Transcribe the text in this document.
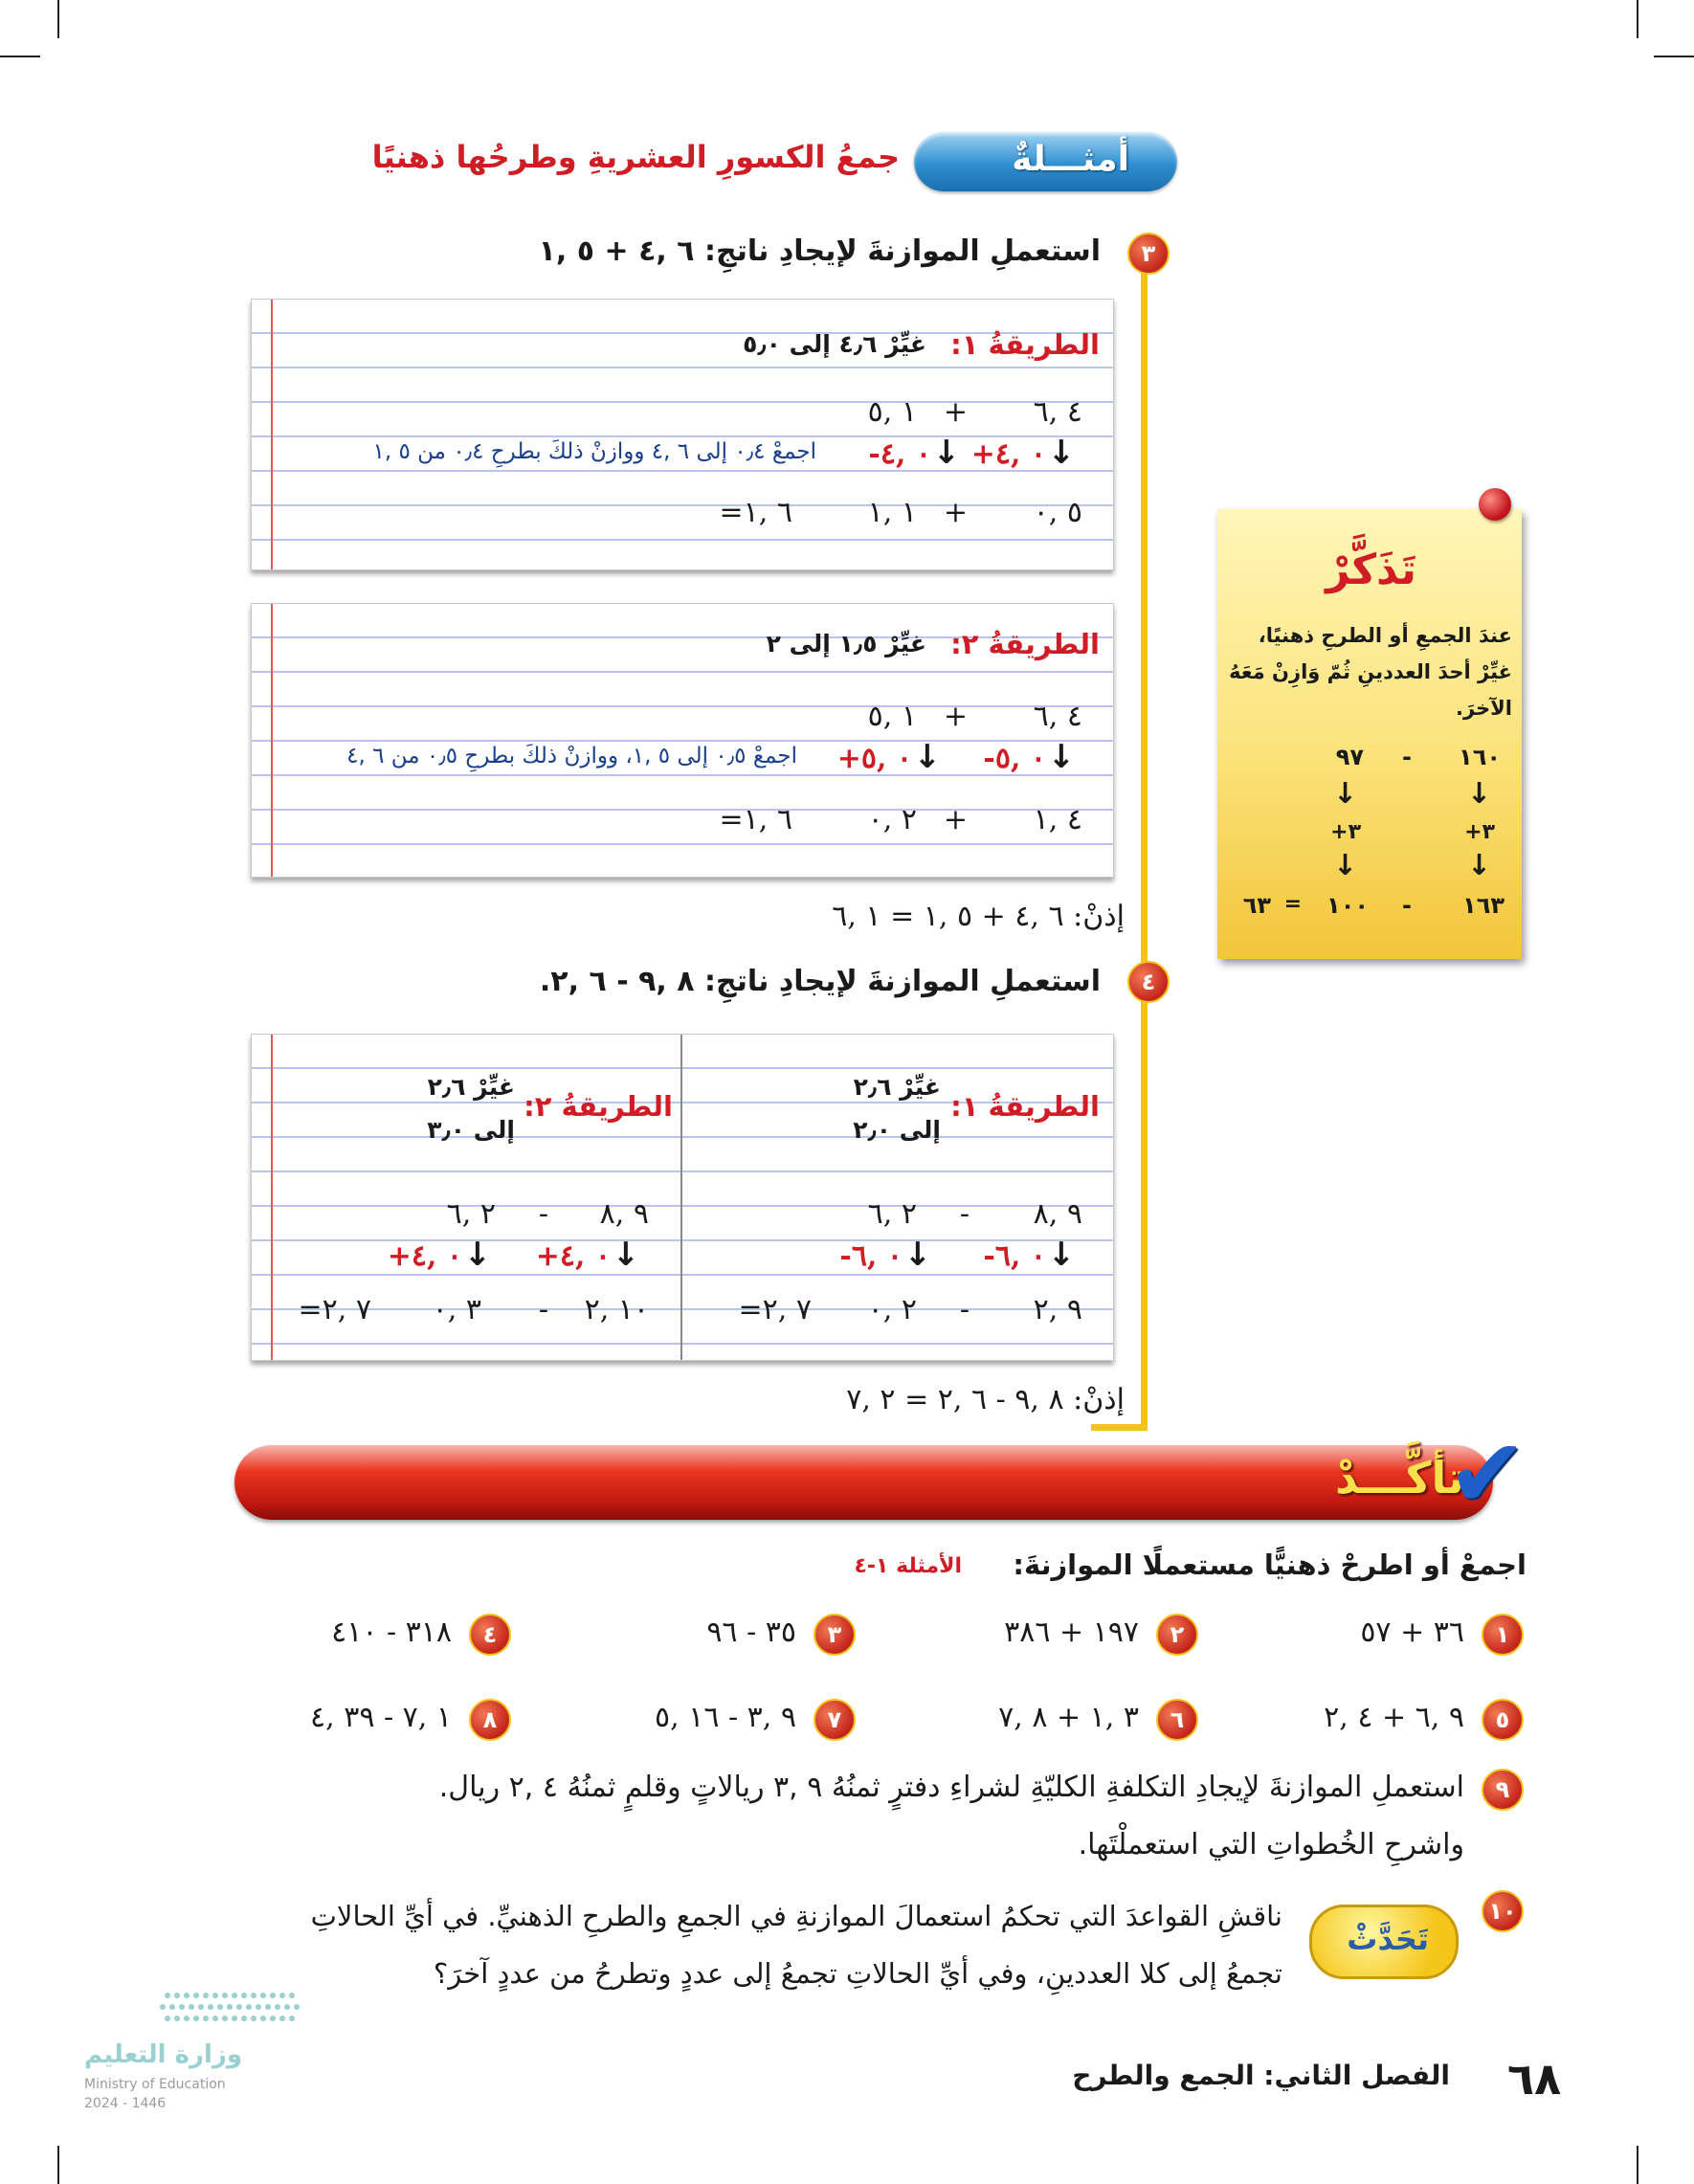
أمثـــلةٌ
جمعُ الكسورِ العشريةِ وطرحُها ذهنيًا
٣
استعملِ الموازنةَ لإيجادِ ناتجِ: ٦ ,٤ + ٥ ,١
الطريقةُ ١:
غيِّرْ ٤٫٦ إلى ٥٫٠
٤ ,٦
+
١ ,٥
↓
+٠ ,٤
↓
-٠ ,٤
اجمعْ ٠٫٤ إلى ٦ ,٤ ووازنْ ذلكَ بطرحِ ٠٫٤ من ٥ ,١
٥ ,٠
+
١ ,١
=٦ ,١
الطريقةُ ٢:
غيِّرْ ١٫٥ إلى ٢
٤ ,٦
+
١ ,٥
↓
-٠ ,٥
↓
+٠ ,٥
اجمعْ ٠٫٥ إلى ٥ ,١، ووازنْ ذلكَ بطرحِ ٠٫٥ من ٦ ,٤
٤ ,١
+
٢ ,٠
=٦ ,١
إذنْ: ٦ ,٤ + ٥ ,١ = ١ ,٦
٤
استعملِ الموازنةَ لإيجادِ ناتجِ: ٨ ,٩ - ٦ ,٢.
الطريقةُ ١:
غيِّرْ ٢٫٦
إلى ٢٫٠
٩ ,٨
-
٢ ,٦
↓
-٠ ,٦
↓
-٠ ,٦
٩ ,٢
-
٢ ,٠
=٧ ,٢
الطريقةُ ٢:
غيِّرْ ٢٫٦
إلى ٣٫٠
٩ ,٨
-
٢ ,٦
↓
+٠ ,٤
↓
+٠ ,٤
١٠ ,٢
-
٣ ,٠
=٧ ,٢
إذنْ: ٨ ,٩ - ٦ ,٢ = ٢ ,٧
تَذَكَّرْ
عندَ الجمعِ أو الطرحِ ذهنيًا،
غيِّرْ أحدَ العددينِ ثُمّ وَازِنْ مَعَهُ
الآخرَ.
١٦٠
-
٩٧
↓
↓
+٣
+٣
↓
↓
١٦٣
-
١٠٠
=
٦٣
تأكَّـــدْ
✔
اجمعْ أو اطرحْ ذهنيًّا مستعملًا الموازنةَ:
الأمثلة ١-٤
١
٣٦ + ٥٧
٢
١٩٧ + ٣٨٦
٣
٣٥ - ٩٦
٤
٣١٨ - ٤١٠
٥
٩ ,٦ + ٤ ,٢
٦
٣ ,١ + ٨ ,٧
٧
٩ ,٣ - ١٦ ,٥
٨
١ ,٧ - ٣٩ ,٤
٩
استعملِ الموازنةَ لإيجادِ التكلفةِ الكليّةِ لشراءِ دفترٍ ثمنُهُ ٩ ,٣ ريالاتٍ وقلمٍ ثمنُهُ ٤ ,٢ ريال.
واشرحِ الخُطواتِ التي استعملْتَها.
تَحَدَّثْ
١٠
ناقشِ القواعدَ التي تحكمُ استعمالَ الموازنةِ في الجمعِ والطرحِ الذهنيِّ. في أيِّ الحالاتِ
تجمعُ إلى كلا العددينِ، وفي أيِّ الحالاتِ تجمعُ إلى عددٍ وتطرحُ من عددٍ آخرَ؟
وزارة التعليم
Ministry of Education
2024 - 1446	٦٨
الفصل الثاني: الجمع والطرح
